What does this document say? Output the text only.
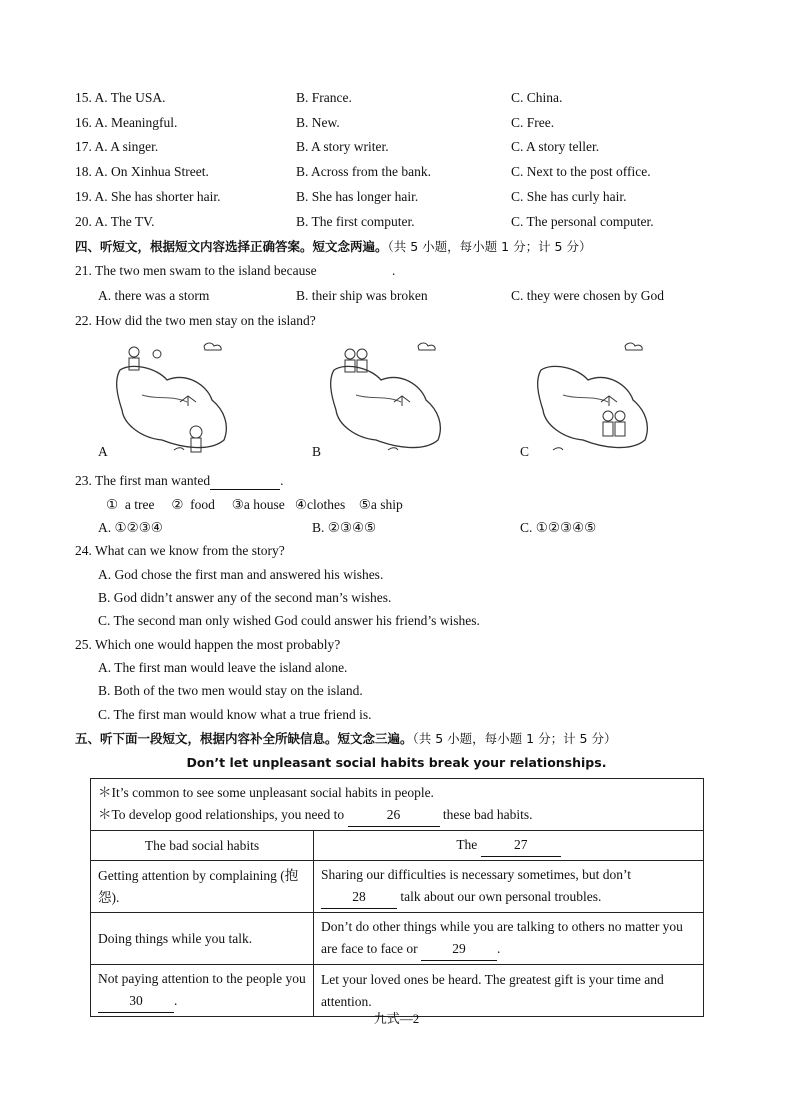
15. A. The USA.	B. France.	C. China.
16. A. Meaningful.	B. New.	C. Free.
17. A. A singer.	B. A story writer.	C. A story teller.
18. A. On Xinhua Street.	B. Across from the bank.	C. Next to the post office.
19. A. She has shorter hair.	B. She has longer hair.	C. She has curly hair.
20. A. The TV.	B. The first computer.	C. The personal computer.
四、听短文，根据短文内容选择正确答案。短文念两遍。（共 5 小题，每小题 1 分；计 5 分）
21. The two men swam to the island because	.
A. there was a storm	B. their ship was broken	C. they were chosen by God
22. How did the two men stay on the island?
A	B	C
23. The first man wanted	.
①  a tree     ②  food     ③a house   ④clothes    ⑤a ship
A. ①②③④	B. ②③④⑤	C. ①②③④⑤
24. What can we know from the story?
A. God chose the first man and answered his wishes.
B. God didn’t answer any of the second man’s wishes.
C. The second man only wished God could answer his friend’s wishes.
25. Which one would happen the most probably?
A. The first man would leave the island alone.
B. Both of the two men would stay on the island.
C. The first man would know what a true friend is.
五、听下面一段短文，根据内容补全所缺信息。短文念三遍。（共 5 小题，每小题 1 分；计 5 分）
Don’t let unpleasant social habits break your relationships.
＊It’s common to see some unpleasant social habits in people.
＊To develop good relationships, you need to 26 these bad habits.	

The bad social habits	The 27
Getting attention by complaining (抱怨).	Sharing our difficulties is necessary sometimes, but don’t
28 talk about our own personal troubles.
Doing things while you talk.	Don’t do other things while you are talking to others no matter you are face to face or 29 .
Not paying attention to the people you 30 .	Let your loved ones be heard. The greatest gift is your time and attention.
九式—2
